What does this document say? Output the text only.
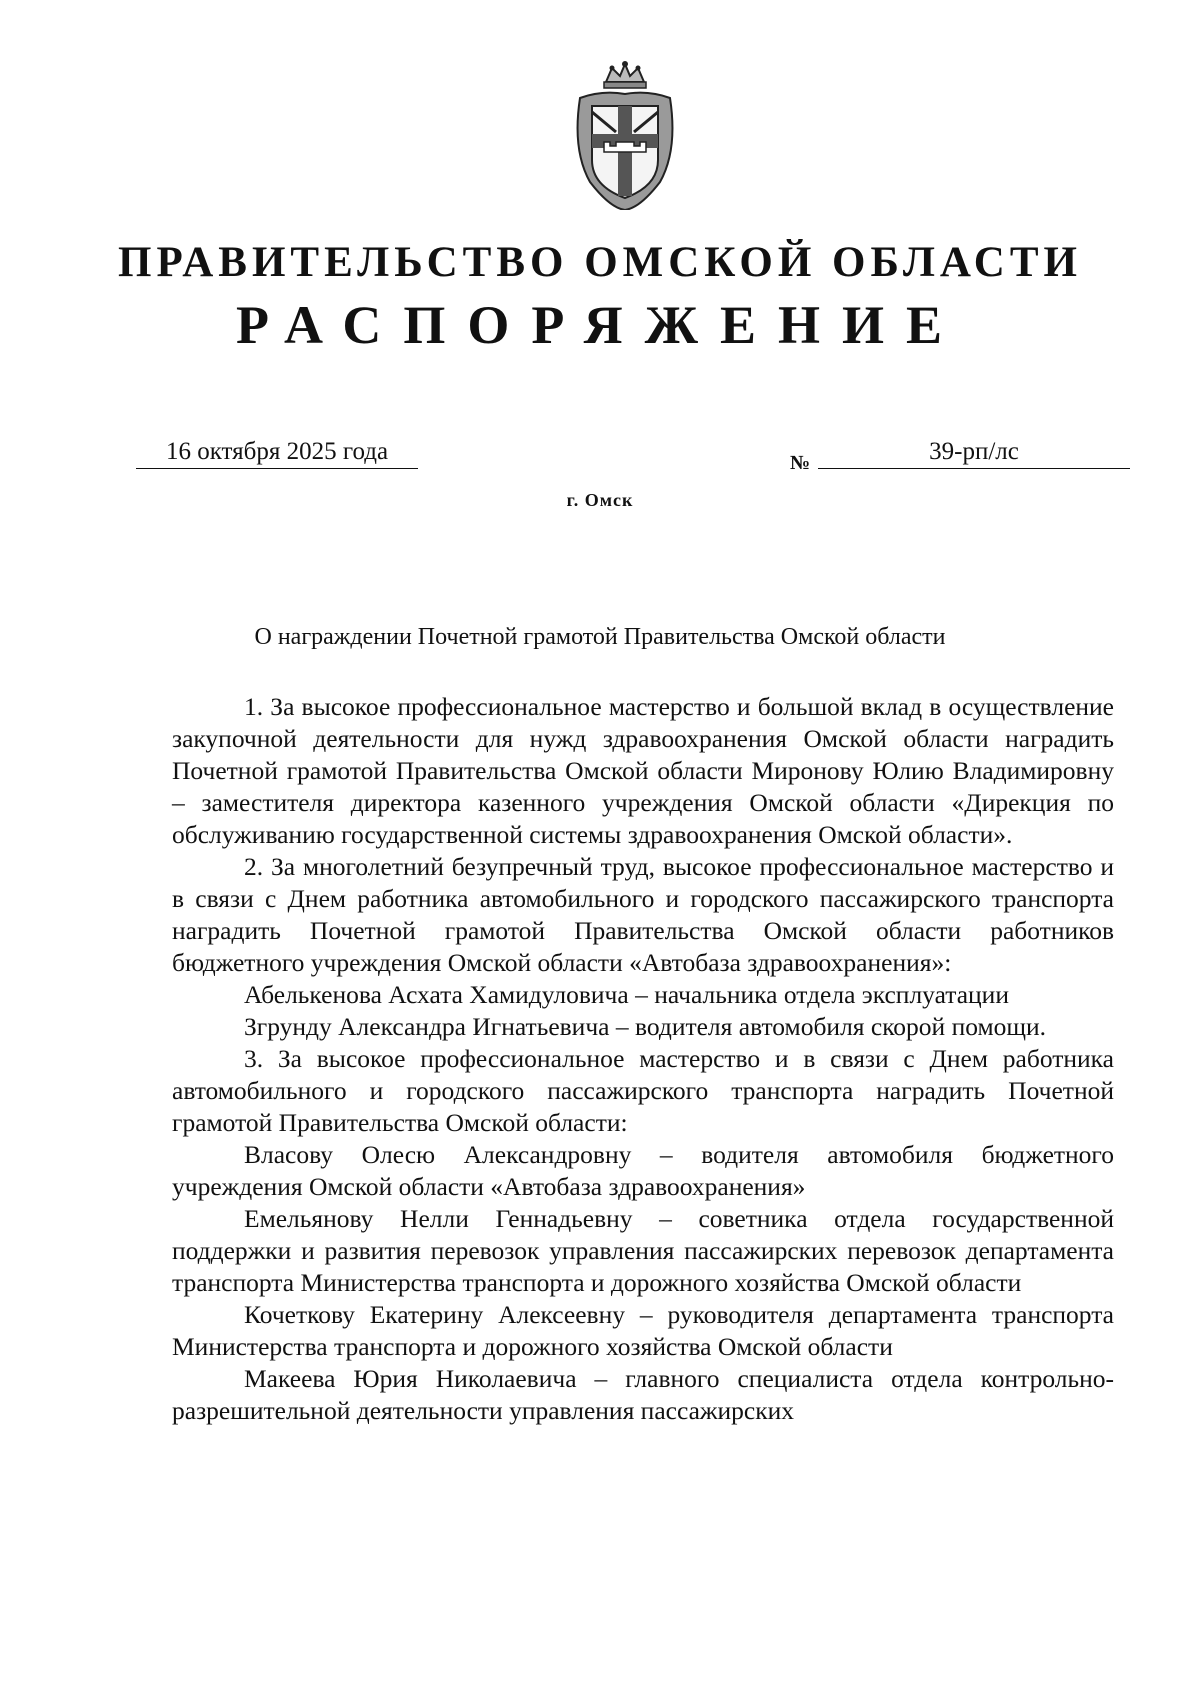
ПРАВИТЕЛЬСТВО ОМСКОЙ ОБЛАСТИ
РАСПОРЯЖЕНИЕ
16 октября 2025 года	№	39-рп/лс
г. Омск
О награждении Почетной грамотой Правительства Омской области

1. За высокое профессиональное мастерство и большой вклад в осуществление закупочной деятельности для нужд здравоохранения Омской области наградить Почетной грамотой Правительства Омской области Миронову Юлию Владимировну – заместителя директора казенного учреждения Омской области «Дирекция по обслуживанию государственной системы здравоохранения Омской области».

2. За многолетний безупречный труд, высокое профессиональное мастерство и в связи с Днем работника автомобильного и городского пассажирского транспорта наградить Почетной грамотой Правительства Омской области работников бюджетного учреждения Омской области «Автобаза здравоохранения»:

Абелькенова Асхата Хамидуловича – начальника отдела эксплуатации

Згрунду Александра Игнатьевича – водителя автомобиля скорой помощи.

3. За высокое профессиональное мастерство и в связи с Днем работника автомобильного и городского пассажирского транспорта наградить Почетной грамотой Правительства Омской области:

Власову Олесю Александровну – водителя автомобиля бюджетного учреждения Омской области «Автобаза здравоохранения»

Емельянову Нелли Геннадьевну – советника отдела государственной поддержки и развития перевозок управления пассажирских перевозок департамента транспорта Министерства транспорта и дорожного хозяйства Омской области

Кочеткову Екатерину Алексеевну – руководителя департамента транспорта Министерства транспорта и дорожного хозяйства Омской области

Макеева Юрия Николаевича – главного специалиста отдела контрольно-разрешительной деятельности управления пассажирских
